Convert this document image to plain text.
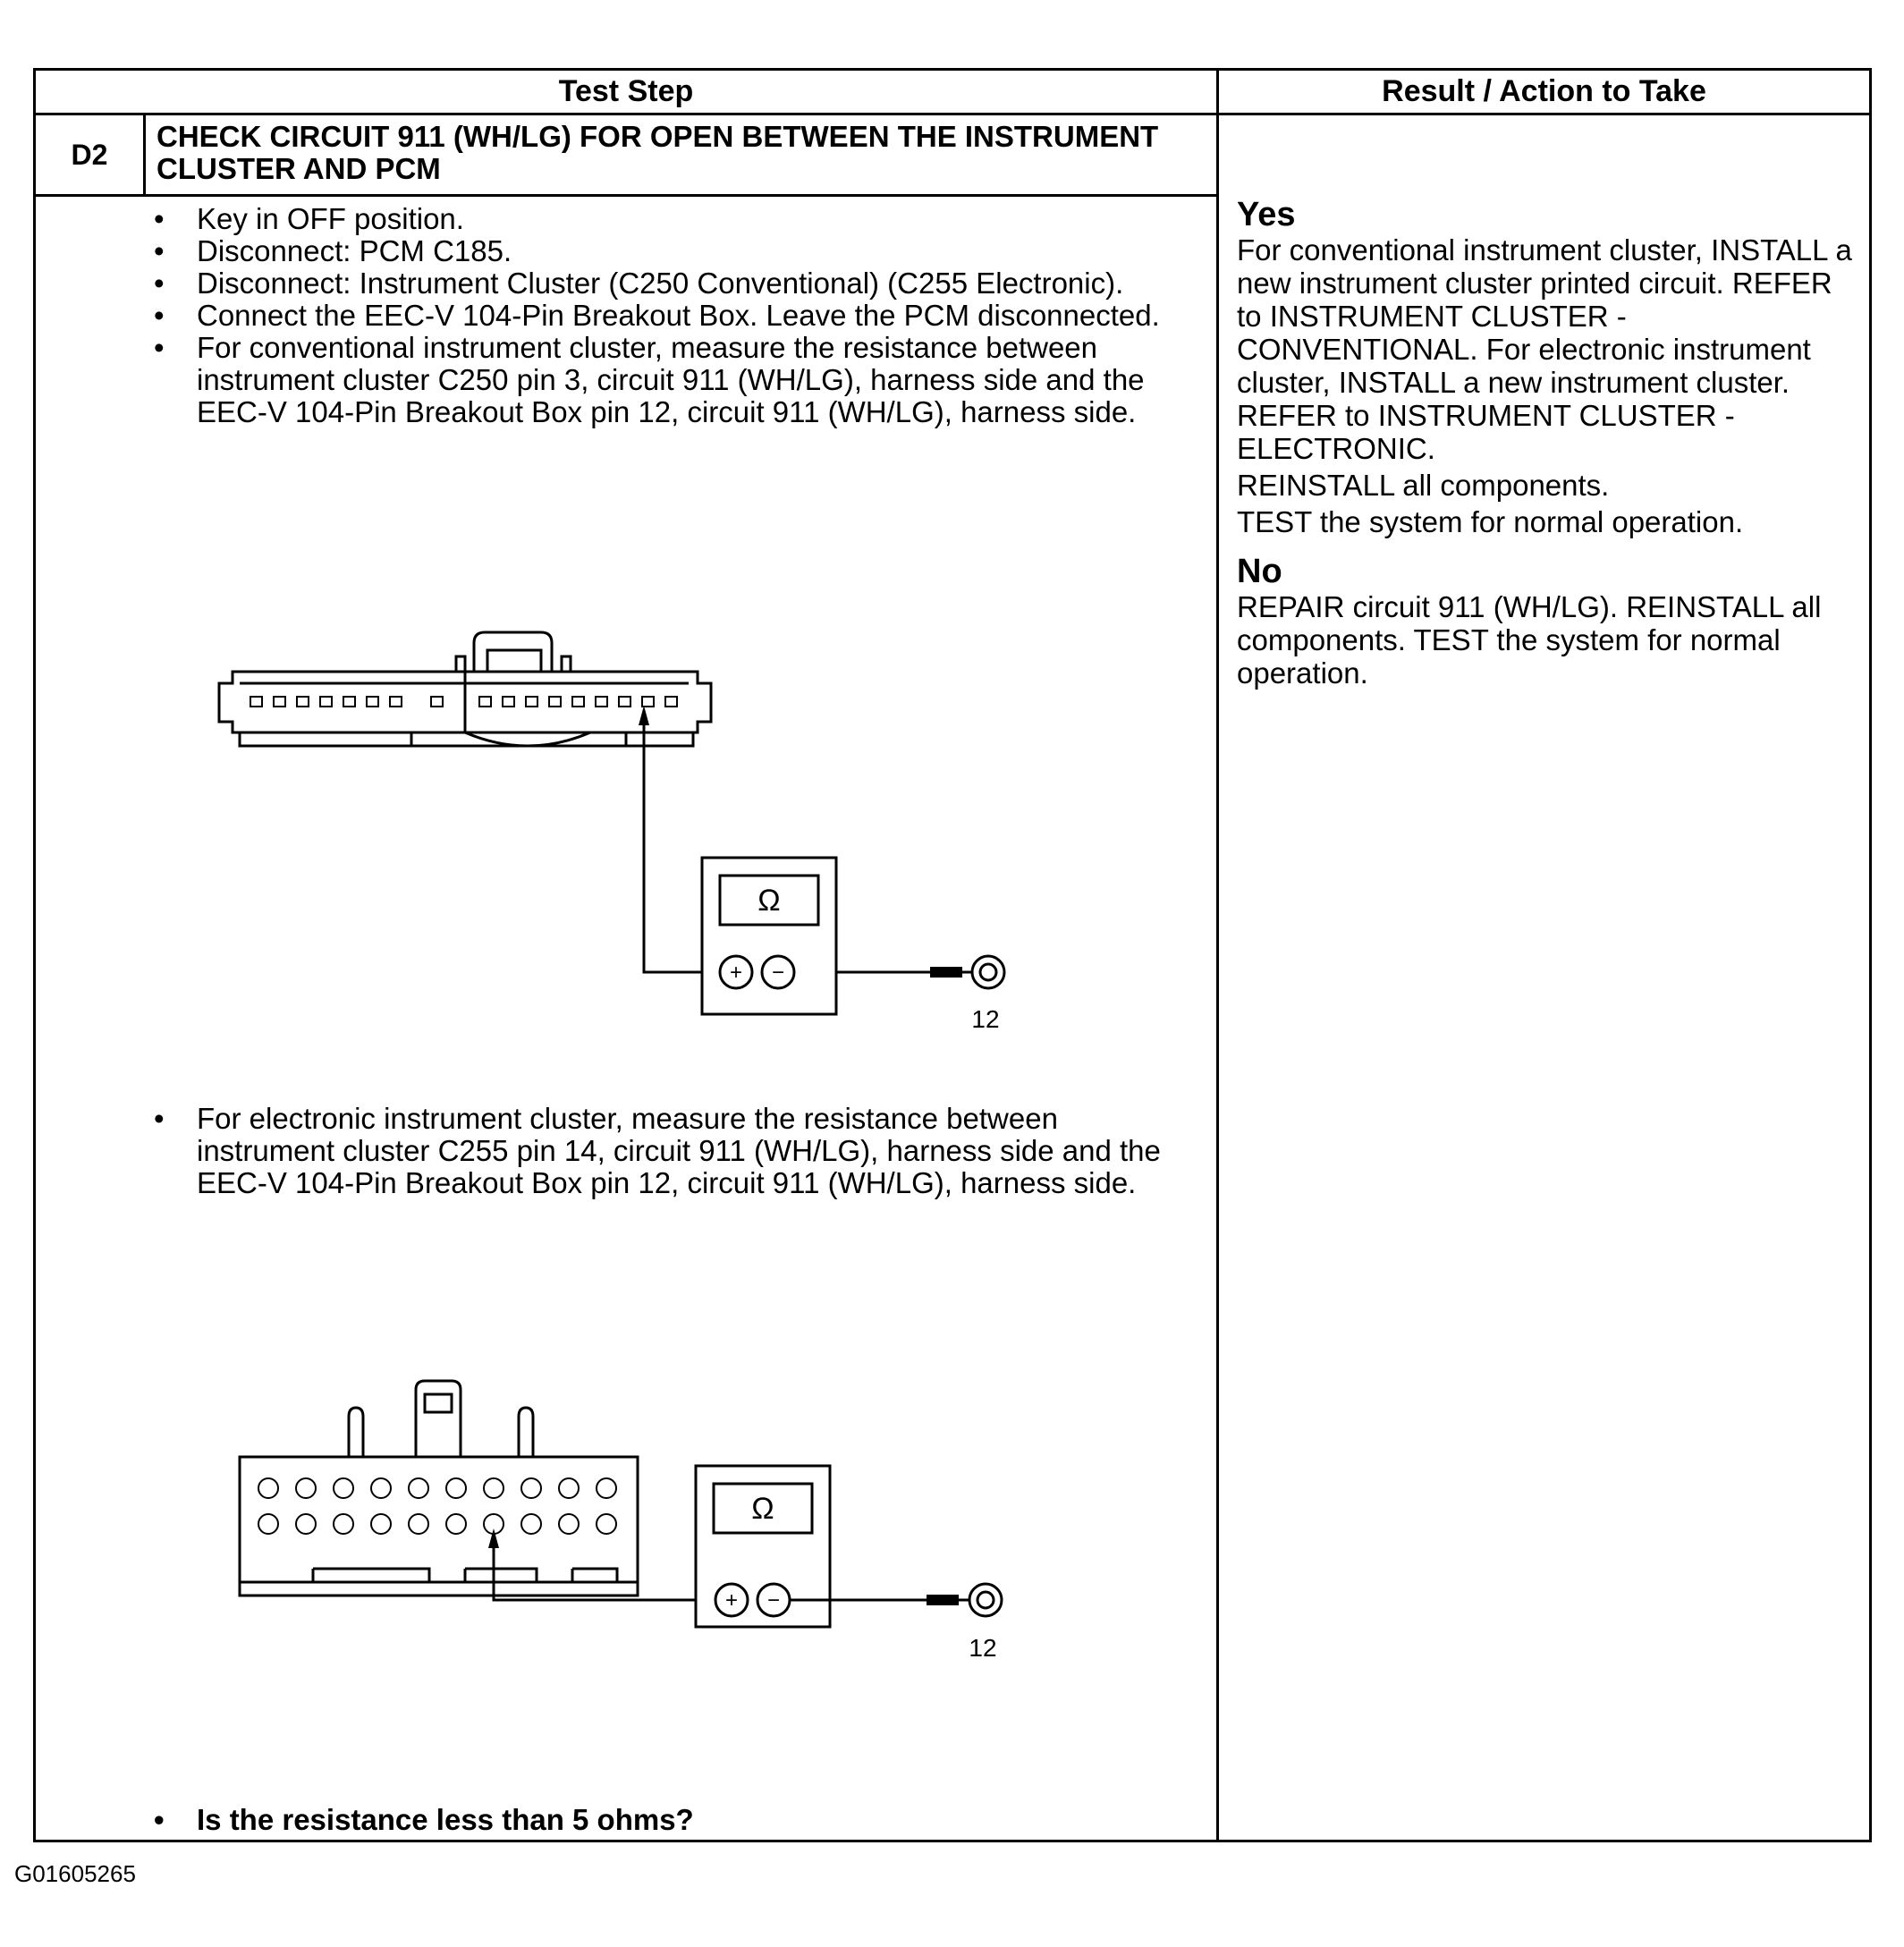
Test Step	Result / Action to Take
D2
CHECK CIRCUIT 911 (WH/LG) FOR OPEN BETWEEN THE INSTRUMENT CLUSTER AND PCM
• Key in OFF position.
• Disconnect: PCM C185.
• Disconnect: Instrument Cluster (C250 Conventional) (C255 Electronic).
• Connect the EEC-V 104-Pin Breakout Box. Leave the PCM disconnected.
• For conventional instrument cluster, measure the resistance between instrument cluster C250 pin 3, circuit 911 (WH/LG), harness side and the EEC-V 104-Pin Breakout Box pin 12, circuit 911 (WH/LG), harness side.
• For electronic instrument cluster, measure the resistance between instrument cluster C255 pin 14, circuit 911 (WH/LG), harness side and the EEC-V 104-Pin Breakout Box pin 12, circuit 911 (WH/LG), harness side.
• Is the resistance less than 5 ohms?
Yes

For conventional instrument cluster, INSTALL a new instrument cluster printed circuit. REFER to INSTRUMENT CLUSTER - CONVENTIONAL. For electronic instrument cluster, INSTALL a new instrument cluster. REFER to INSTRUMENT CLUSTER - ELECTRONIC.

REINSTALL all components.

TEST the system for normal operation.

No

REPAIR circuit 911 (WH/LG). REINSTALL all components. TEST the system for normal operation.

Ω
+ −
12
Ω
+ −
12
G01605265
